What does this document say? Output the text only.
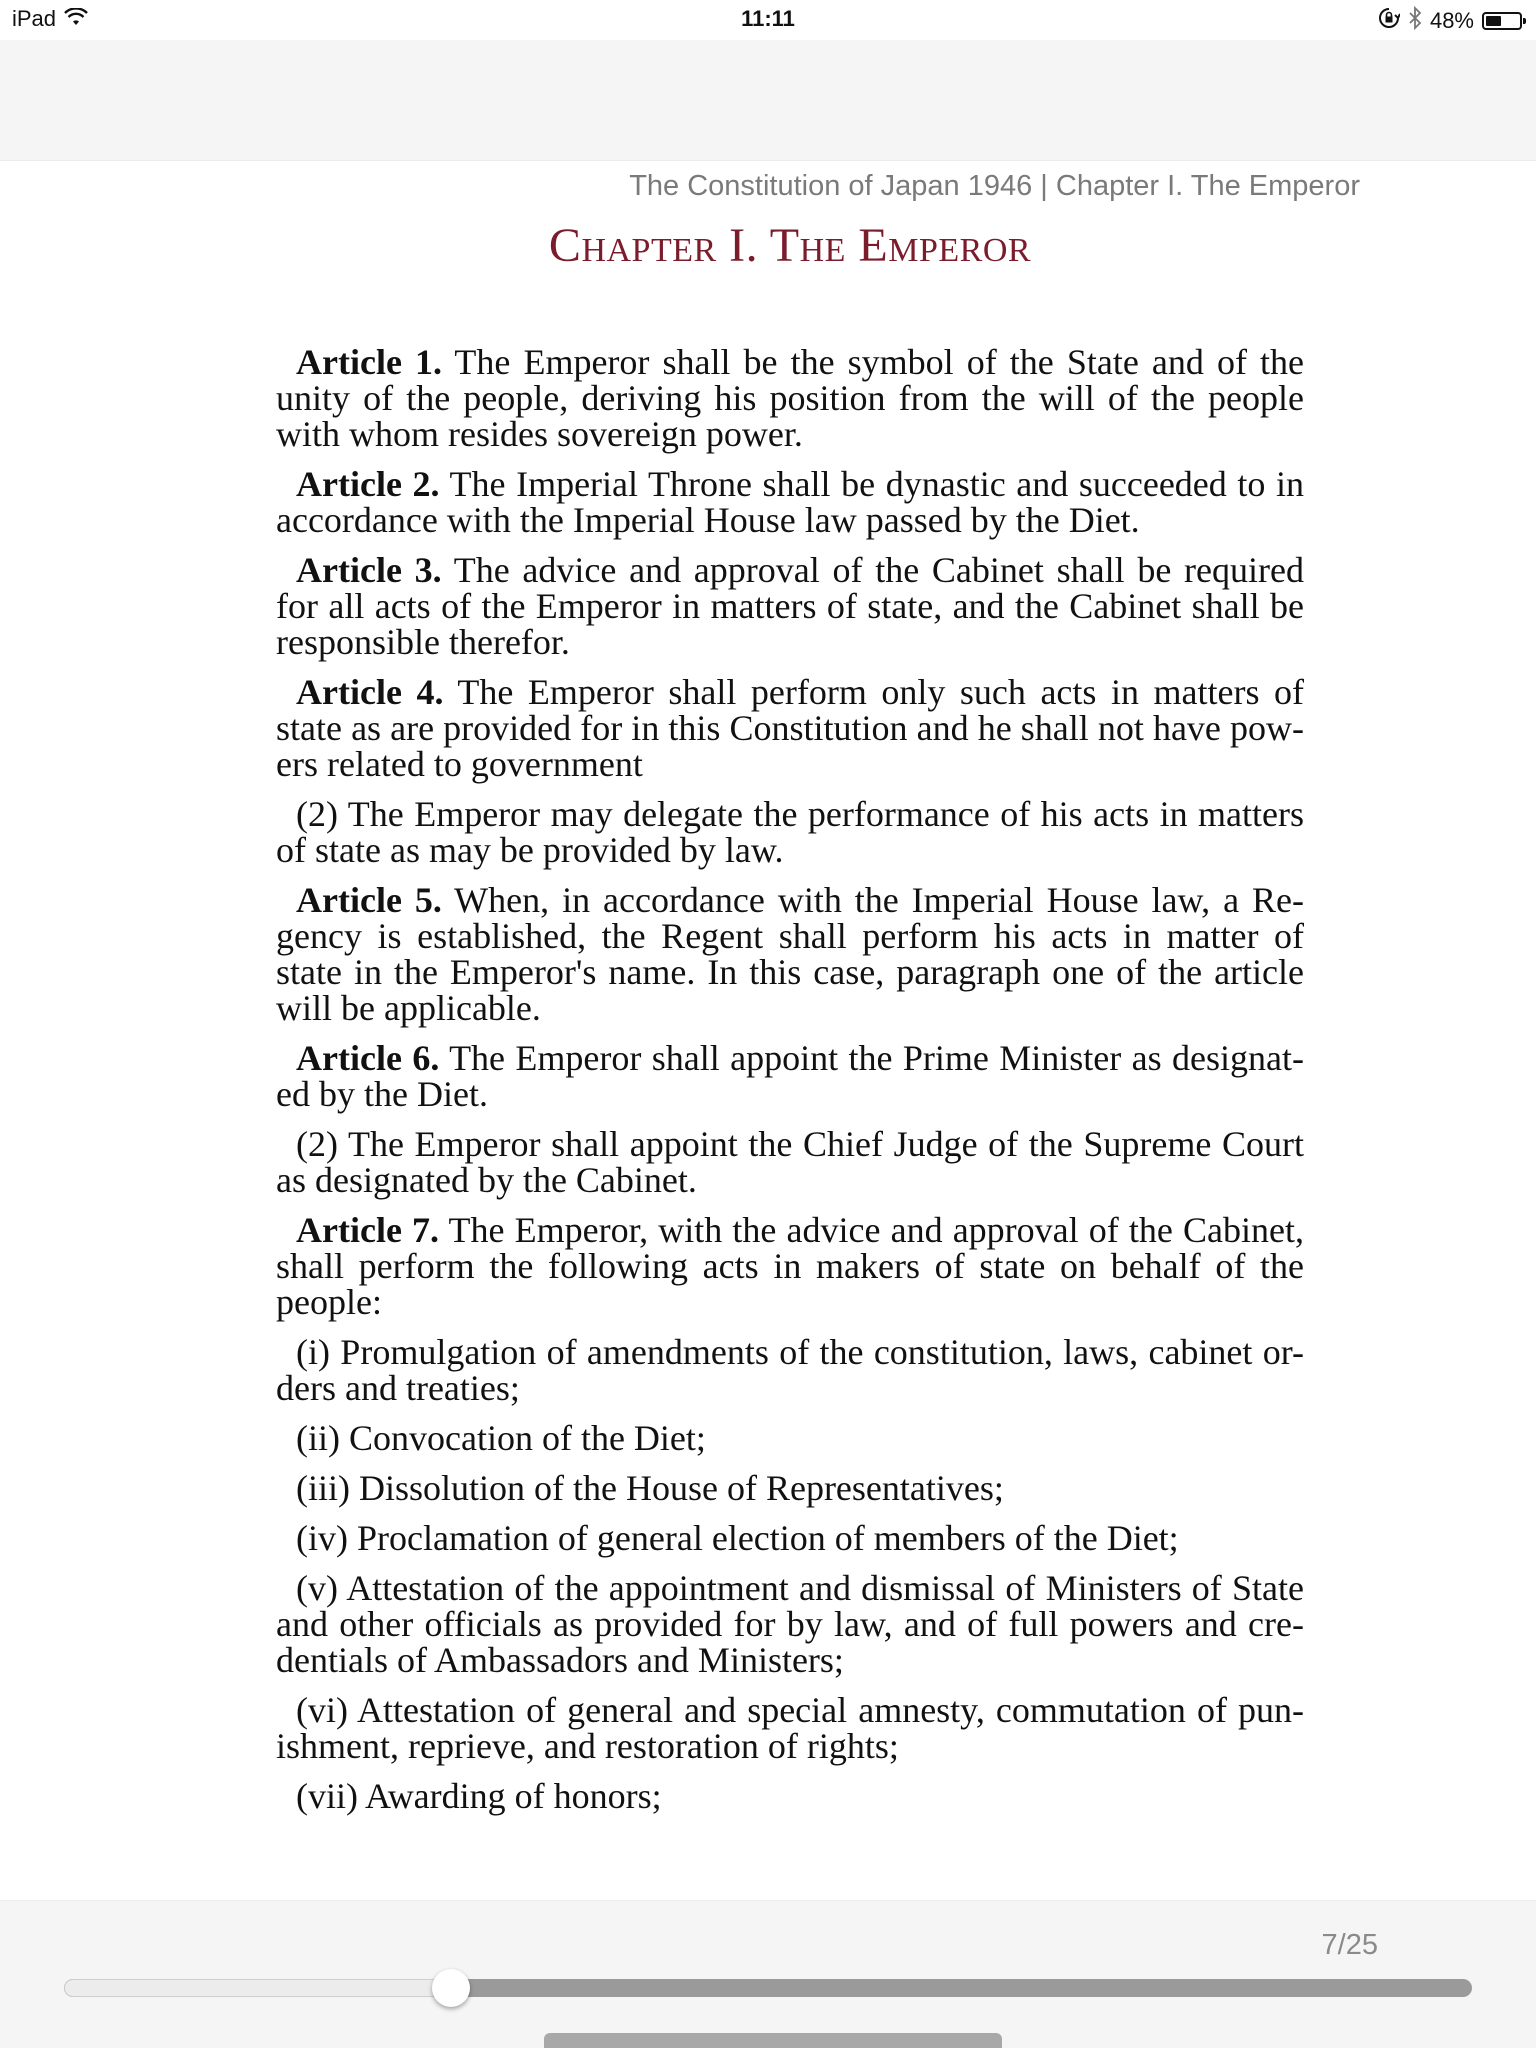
iPad	11:11	48%
The Constitution of Japan 1946 | Chapter I. The Emperor
Chapter I. The Emperor

Article 1. The Emperor shall be the symbol of the State and of the unity of the people, deriving his position from the will of the people with whom resides sovereign power.

Article 2. The Imperial Throne shall be dynastic and succeeded to in accordance with the Imperial House law passed by the Diet.

Article 3. The advice and approval of the Cabinet shall be required for all acts of the Emperor in matters of state, and the Cabinet shall be responsible therefor.

Article 4. The Emperor shall perform only such acts in matters of state as are provided for in this Constitution and he shall not have pow-ers related to government

(2) The Emperor may delegate the performance of his acts in matters of state as may be provided by law.

Article 5. When, in accordance with the Imperial House law, a Re-gency is established, the Regent shall perform his acts in matter of state in the Emperor's name. In this case, paragraph one of the article will be applicable.

Article 6. The Emperor shall appoint the Prime Minister as designat-ed by the Diet.

(2) The Emperor shall appoint the Chief Judge of the Supreme Court as designated by the Cabinet.

Article 7. The Emperor, with the advice and approval of the Cabinet, shall perform the following acts in makers of state on behalf of the people:

(i) Promulgation of amendments of the constitution, laws, cabinet or-ders and treaties;

(ii) Convocation of the Diet;

(iii) Dissolution of the House of Representatives;

(iv) Proclamation of general election of members of the Diet;

(v) Attestation of the appointment and dismissal of Ministers of State and other officials as provided for by law, and of full powers and cre-dentials of Ambassadors and Ministers;

(vi) Attestation of general and special amnesty, commutation of pun-ishment, reprieve, and restoration of rights;

(vii) Awarding of honors;

7/25
